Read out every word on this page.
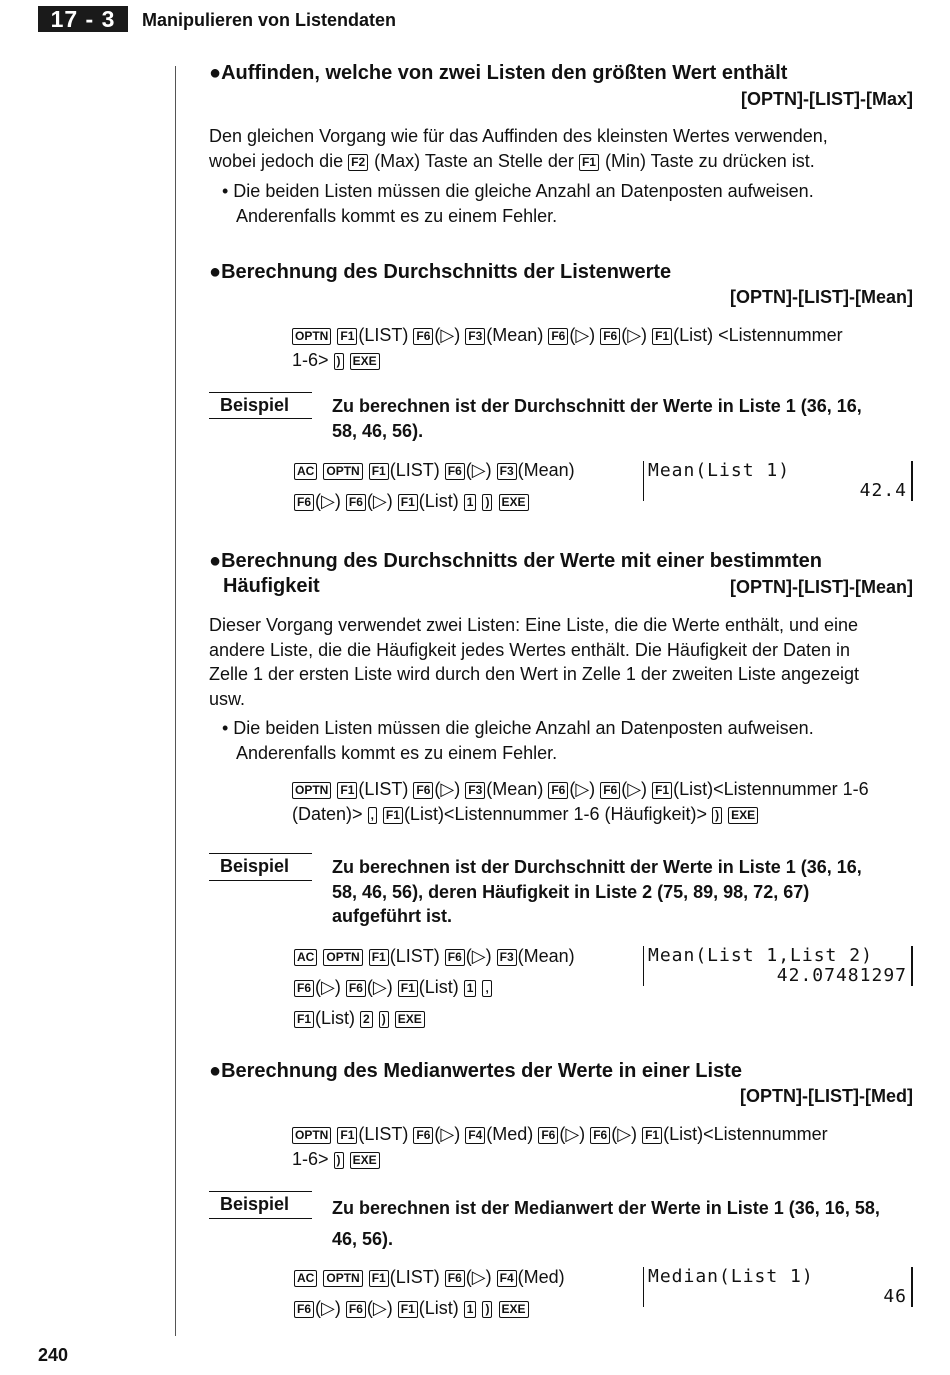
17 - 3	Manipulieren von Listendaten
●Auffinden, welche von zwei Listen den größten Wert enthält
[OPTN]-[LIST]-[Max]
Den gleichen Vorgang wie für das Auffinden des kleinsten Wertes verwenden,
wobei jedoch die F2 (Max) Taste an Stelle der F1 (Min) Taste zu drücken ist.
• Die beiden Listen müssen die gleiche Anzahl an Datenposten aufweisen.
Anderenfalls kommt es zu einem Fehler.
●Berechnung des Durchschnitts der Listenwerte
[OPTN]-[LIST]-[Mean]
OPTN F1 (LIST) F6 (▷) F3 (Mean) F6 (▷) F6 (▷) F1 (List) <Listennummer
1-6> ) EXE
Beispiel Zu berechnen ist der Durchschnitt der Werte in Liste 1 (36, 16,
58, 46, 56).
AC OPTN F1 (LIST) F6 (▷) F3 (Mean)
F6 (▷) F6 (▷) F1 (List) 1 ) EXE
Mean(List 1)
42.4
●Berechnung des Durchschnitts der Werte mit einer bestimmten
Häufigkeit	[OPTN]-[LIST]-[Mean]
Dieser Vorgang verwendet zwei Listen: Eine Liste, die die Werte enthält, und eine
andere Liste, die die Häufigkeit jedes Wertes enthält. Die Häufigkeit der Daten in
Zelle 1 der ersten Liste wird durch den Wert in Zelle 1 der zweiten Liste angezeigt
usw.
• Die beiden Listen müssen die gleiche Anzahl an Datenposten aufweisen.
Anderenfalls kommt es zu einem Fehler.
OPTN F1 (LIST) F6 (▷) F3 (Mean) F6 (▷) F6 (▷) F1 (List)<Listennummer 1-6
(Daten)> , F1 (List)<Listennummer 1-6 (Häufigkeit)> ) EXE
Beispiel Zu berechnen ist der Durchschnitt der Werte in Liste 1 (36, 16,
58, 46, 56), deren Häufigkeit in Liste 2 (75, 89, 98, 72, 67)
aufgeführt ist.
AC OPTN F1 (LIST) F6 (▷) F3 (Mean)
F6 (▷) F6 (▷) F1 (List) 1 ,
F1 (List) 2 ) EXE
Mean(List 1,List 2)
42.07481297
●Berechnung des Medianwertes der Werte in einer Liste
[OPTN]-[LIST]-[Med]
OPTN F1 (LIST) F6 (▷) F4 (Med) F6 (▷) F6 (▷) F1 (List)<Listennummer
1-6> ) EXE
Beispiel Zu berechnen ist der Medianwert der Werte in Liste 1 (36, 16, 58,
46, 56).
AC OPTN F1 (LIST) F6 (▷) F4 (Med)
F6 (▷) F6 (▷) F1 (List) 1 ) EXE
Median(List 1)
46
240
